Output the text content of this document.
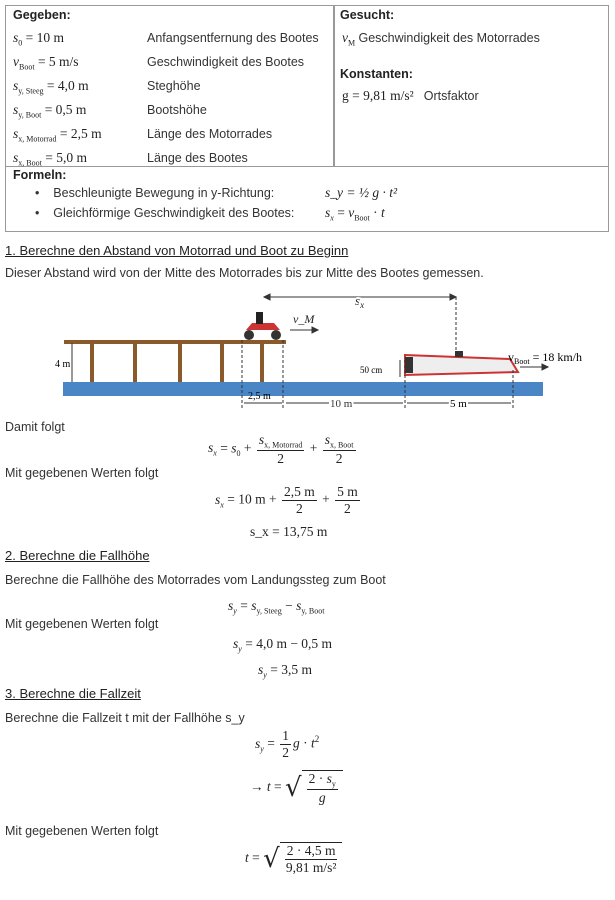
Gegeben:
$s_0 = 10$ m	Anfangsentfernung des Bootes
$v_{Boot} = 5$ m/s	Geschwindigkeit des Bootes
$s_{y, Steeg} = 4,0$ m	Steghöhe
$s_{y, Boot} = 0,5$ m	Bootshöhe
$s_{x, Motorrad} = 2,5$ m	Länge des Motorrades
$s_{x, Boot} = 5,0$ m	Länge des Bootes
Gesucht:
$v_M$ Geschwindigkeit des Motorrades
Konstanten:
g = 9,81 m/s² Ortsfaktor
Formeln:
•    Beschleunigte Bewegung in y-Richtung:	s_y = ½ g · t²
•    Gleichförmige Geschwindigkeit des Bootes: $s_x = v_{Boot} \cdot t$
1. Berechne den Abstand von Motorrad und Boot zu Beginn
Dieser Abstand wird von der Mitte des Motorrades bis zur Mitte des Bootes gemessen.
$s_x$
v_M
$v_{Boot} = 18$ km/h
4 m	50 cm
2,5 m
10 m	5 m
Damit folgt
$s_x = s_0 + \frac{s_{x, Motorrad}}{2} + \frac{s_{x, Boot}}{2}$
Mit gegebenen Werten folgt
$s_x = 10$ $m + \frac{2,5 m}{2} + \frac{5 m}{2}$
s_x = 13,75 m
2. Berechne die Fallhöhe
Berechne die Fallhöhe des Motorrades vom Landungssteg zum Boot
$s_y = s_{y, Steeg} - s_{y, Boot}$
Mit gegebenen Werten folgt
$s_y = 4,0$ m − 0,5 m
$s_y = 3,5$ m
3. Berechne die Fallzeit
Berechne die Fallzeit t mit der Fallhöhe s_y
$s_y = \frac{1}{2}$ $g \cdot t^2$
→ t = √ $\frac{2 \cdot s_y}{g}$
Mit gegebenen Werten folgt
t = √ $\frac{2 \cdot 4,5 m}{\text{9,81 m/s²}}$
